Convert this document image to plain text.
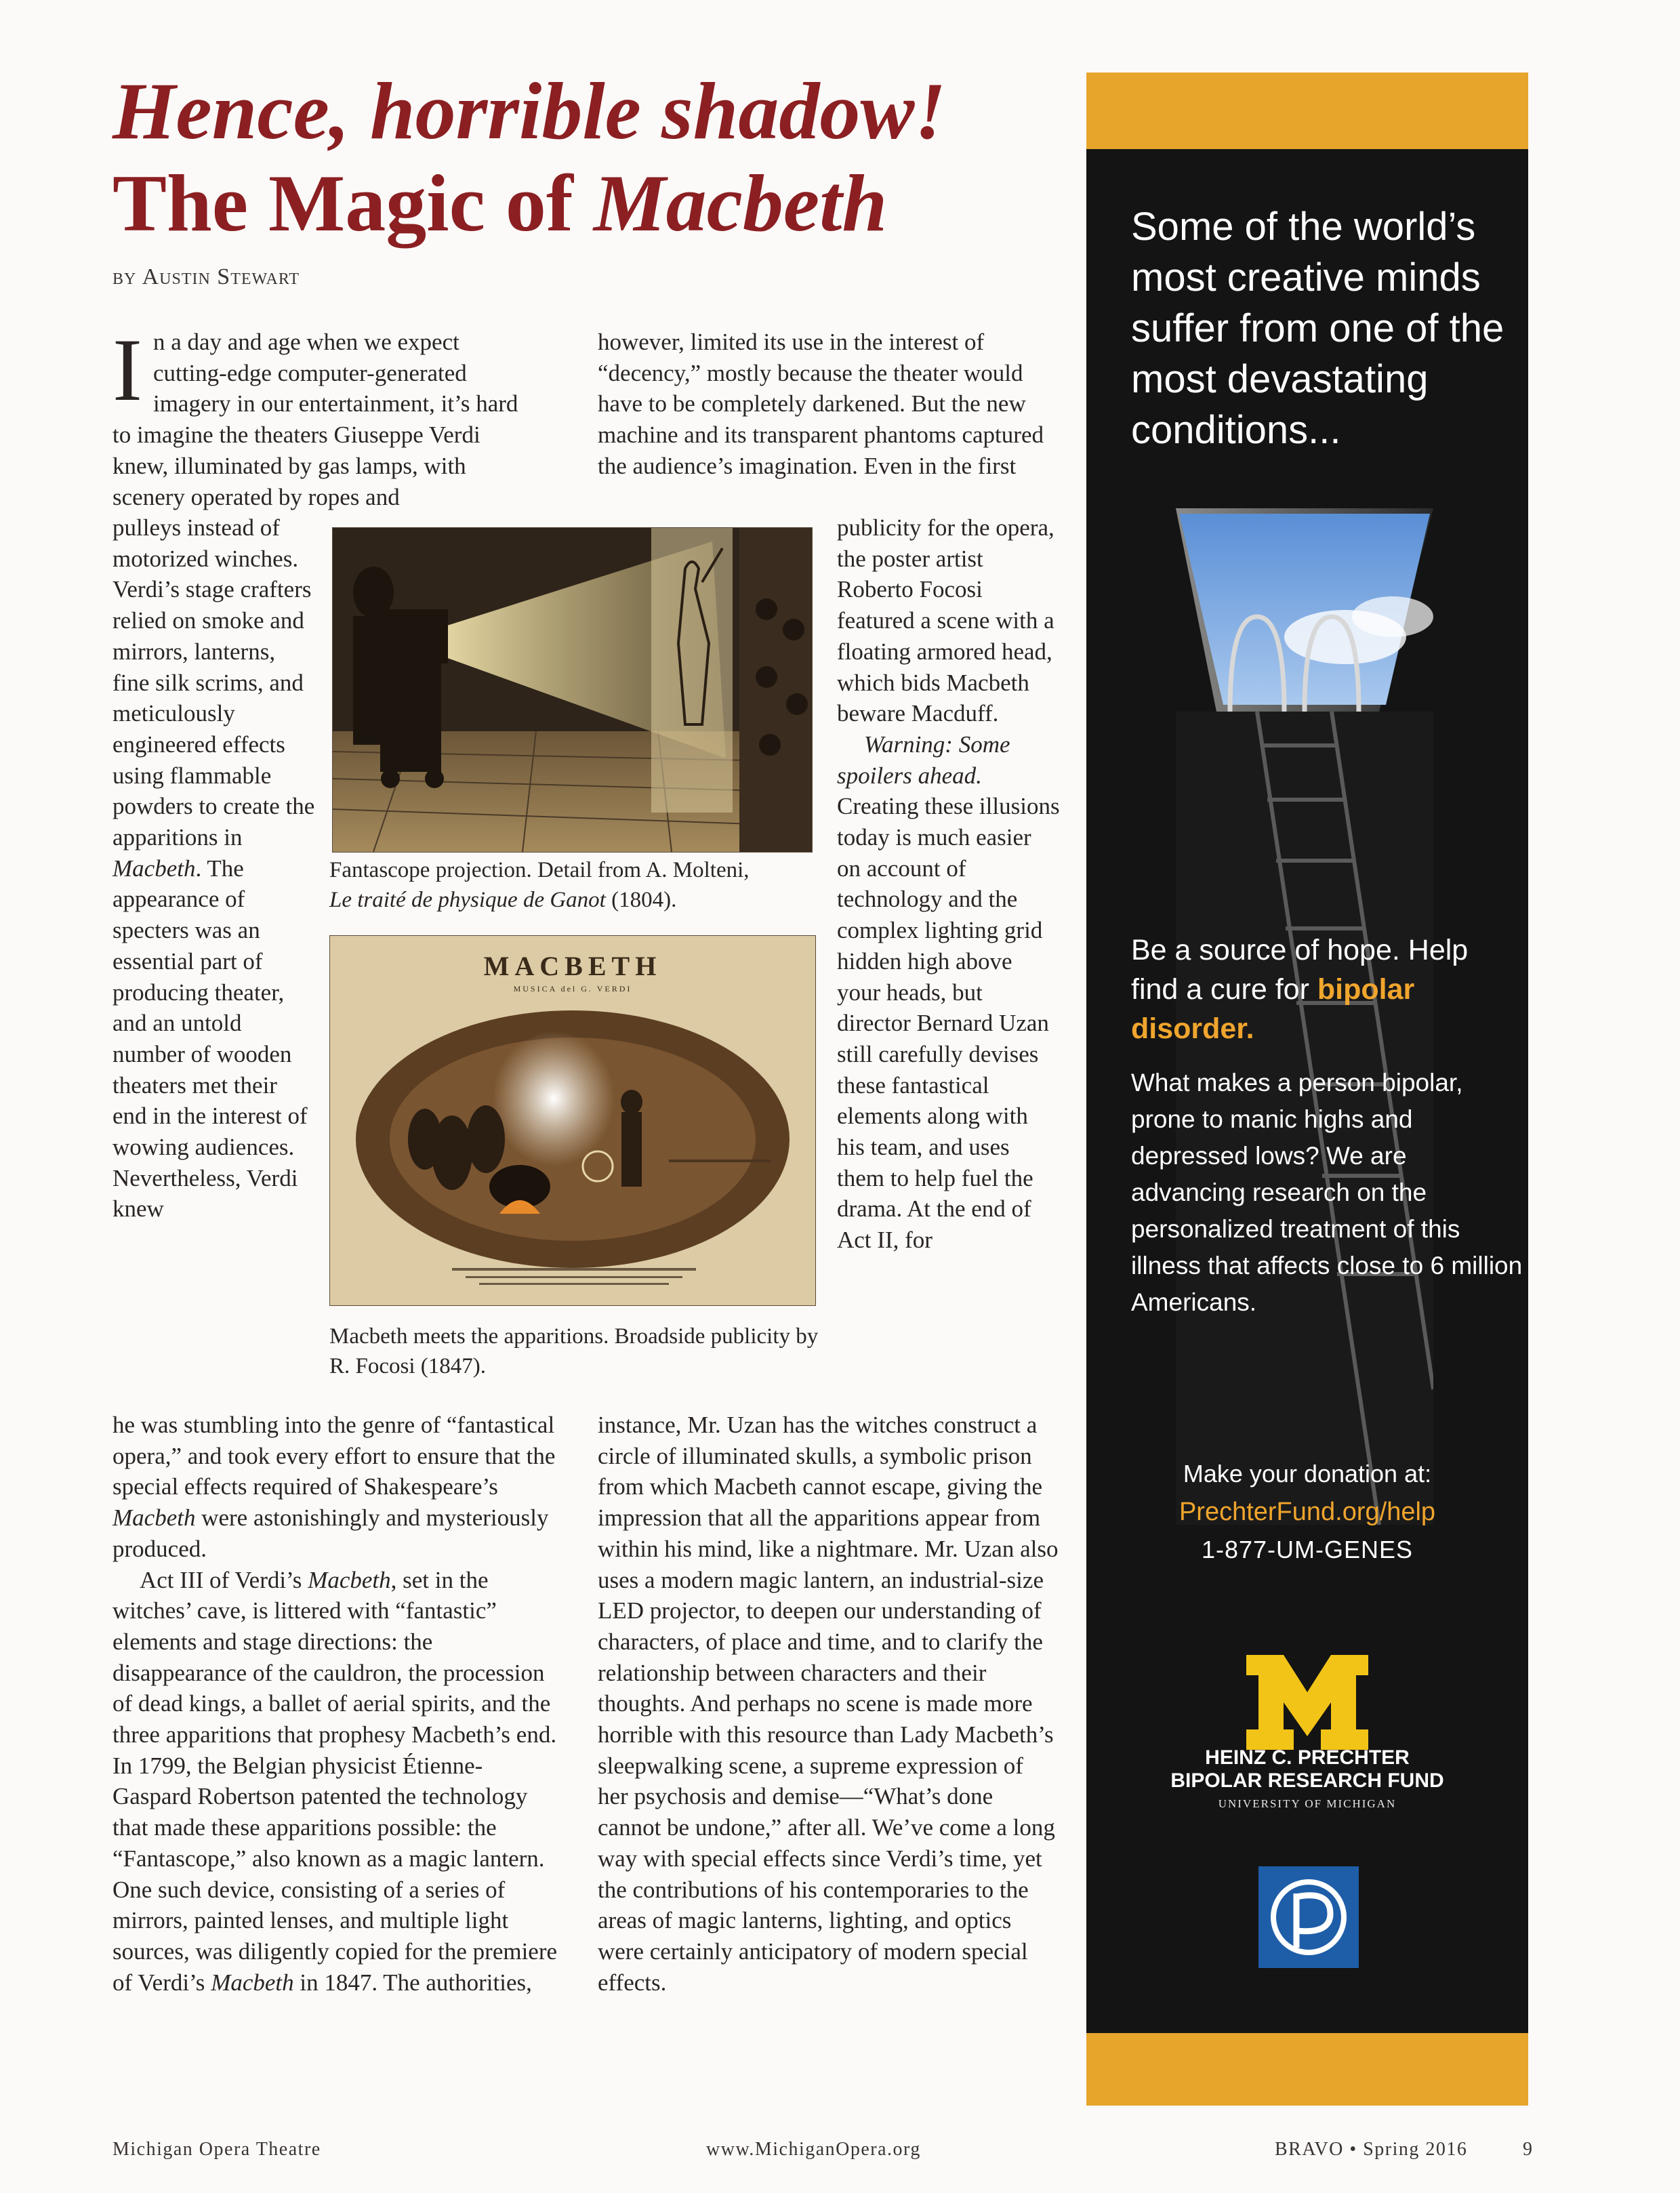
Hence, horrible shadow!
The Magic of Macbeth
by Austin Stewart
In a day and age when we expect cutting-edge computer-generated imagery in our entertainment, it’s hard to imagine the theaters Giuseppe Verdi knew, illuminated by gas lamps, with scenery operated by ropes and
pulleys instead of motorized winches. Verdi’s stage crafters relied on smoke and mirrors, lanterns, fine silk scrims, and meticulously engineered effects using flammable powders to create the apparitions in Macbeth. The appearance of specters was an essential part of producing theater, and an untold number of wooden theaters met their end in the interest of wowing audiences. Nevertheless, Verdi knew

he was stumbling into the genre of “fantastical opera,” and took every effort to ensure that the special effects required of Shakespeare’s Macbeth were astonishingly and mysteriously produced.

Act III of Verdi’s Macbeth, set in the witches’ cave, is littered with “fantastic” elements and stage directions: the disappearance of the cauldron, the procession of dead kings, a ballet of aerial spirits, and the three apparitions that prophesy Macbeth’s end. In 1799, the Belgian physicist Étienne-Gaspard Robertson patented the technology that made these apparitions possible: the “Fantascope,” also known as a magic lantern. One such device, consisting of a series of mirrors, painted lenses, and multiple light sources, was diligently copied for the premiere of Verdi’s Macbeth in 1847. The authorities,

however, limited its use in the interest of “decency,” mostly because the theater would have to be completely darkened. But the new machine and its transparent phantoms captured the audience’s imagination. Even in the first

publicity for the opera, the poster artist Roberto Focosi featured a scene with a floating armored head, which bids Macbeth beware Macduff.

Warning: Some spoilers ahead. Creating these illusions today is much easier on account of technology and the complex lighting grid hidden high above your heads, but director Bernard Uzan still carefully devises these fantastical elements along with his team, and uses them to help fuel the drama. At the end of Act II, for

instance, Mr. Uzan has the witches construct a circle of illuminated skulls, a symbolic prison from which Macbeth cannot escape, giving the impression that all the apparitions appear from within his mind, like a nightmare. Mr. Uzan also uses a modern magic lantern, an industrial-size LED projector, to deepen our understanding of characters, of place and time, and to clarify the relationship between characters and their thoughts. And perhaps no scene is made more horrible with this resource than Lady Macbeth’s sleepwalking scene, a supreme expression of her psychosis and demise—“What’s done cannot be undone,” after all. We’ve come a long way with special effects since Verdi’s time, yet the contributions of his contemporaries to the areas of magic lanterns, lighting, and optics were certainly anticipatory of modern special effects.
Fantascope projection. Detail from A. Molteni,
Le traité de physique de Ganot (1804).
MACBETH
MUSICA del G. VERDI
Macbeth meets the apparitions. Broadside publicity by R. Focosi (1847).
Some of the world’s most creative minds suffer from one of the most devastating conditions...
Be a source of hope. Help find a cure for bipolar disorder.
What makes a person bipolar, prone to manic highs and depressed lows? We are advancing research on the personalized treatment of this illness that affects close to 6 million Americans.
Make your donation at:
PrechterFund.org/help
1-877-UM-GENES
HEINZ C. PRECHTER
BIPOLAR RESEARCH FUND
UNIVERSITY OF MICHIGAN
Michigan Opera Theatre	www.MichiganOpera.org	BRAVO • Spring 2016	9
